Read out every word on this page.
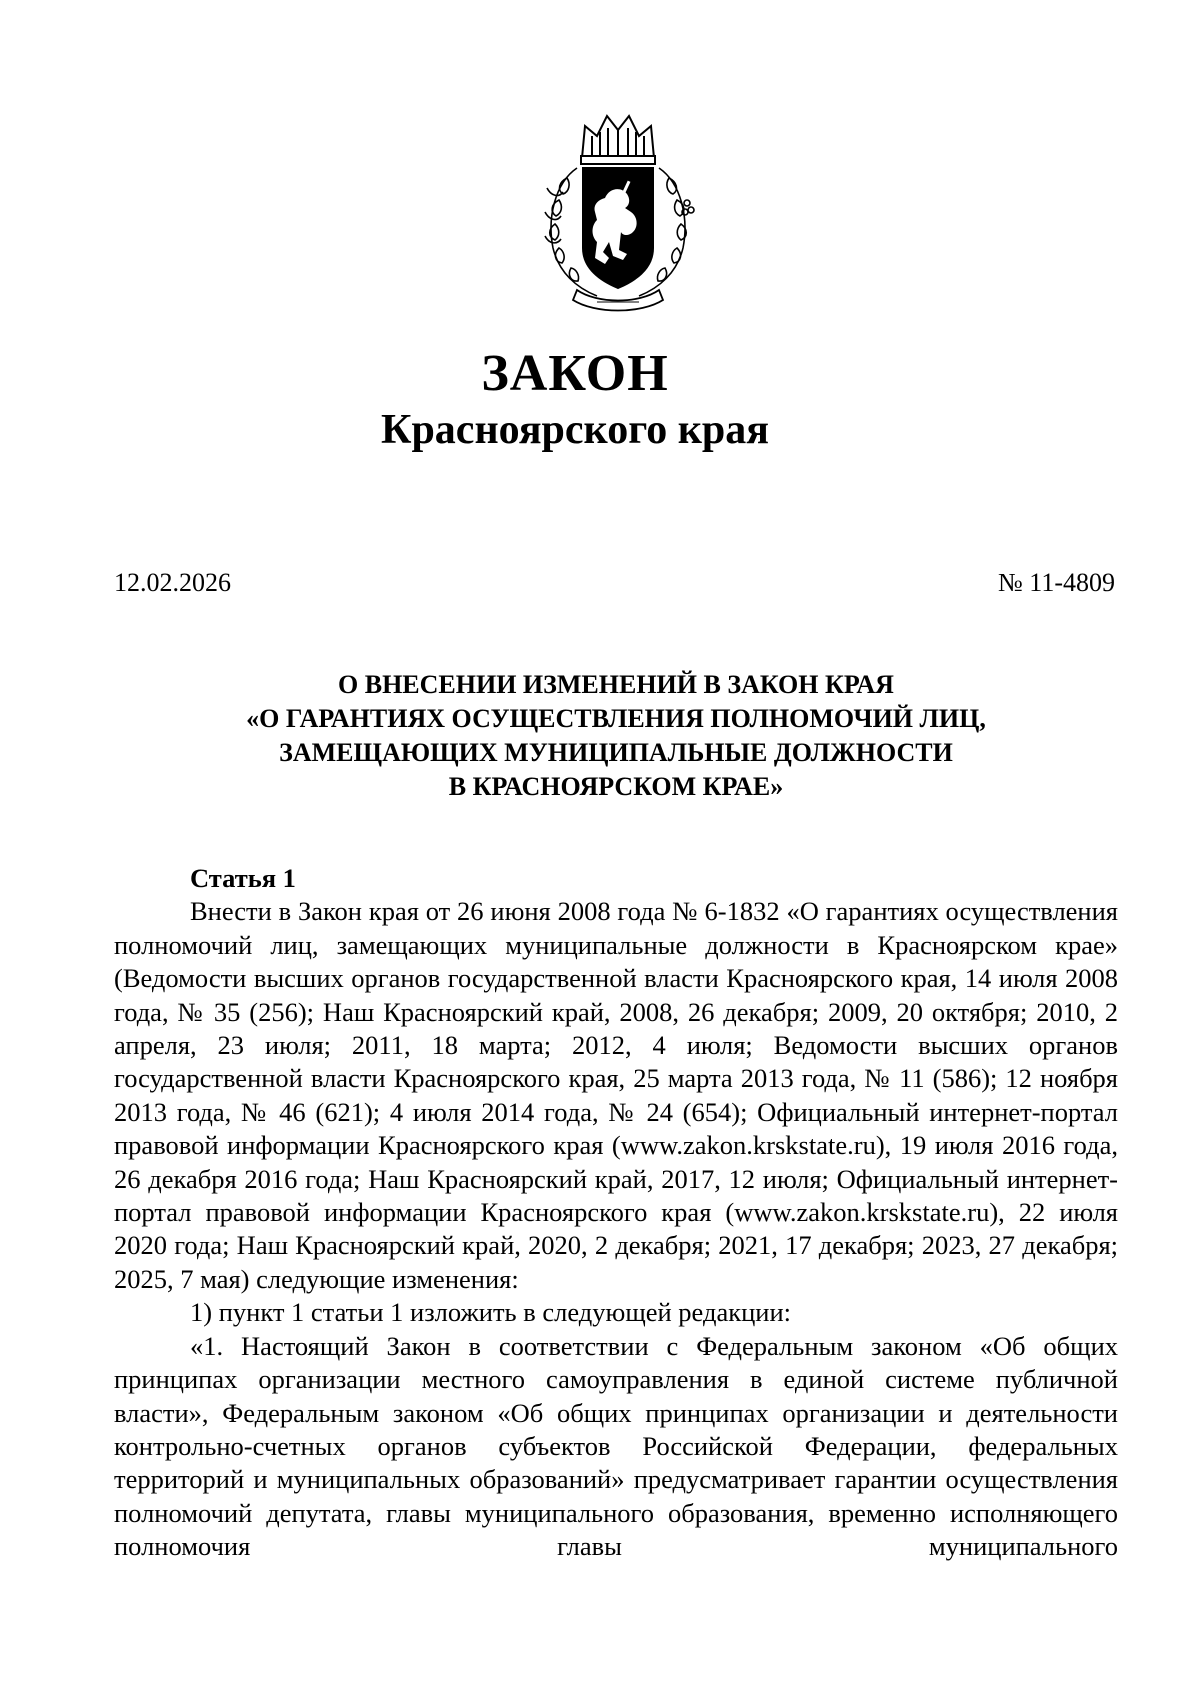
ЗАКОН
Красноярского края
12.02.2026	№ 11-4809
О ВНЕСЕНИИ ИЗМЕНЕНИЙ В ЗАКОН КРАЯ
«О ГАРАНТИЯХ ОСУЩЕСТВЛЕНИЯ ПОЛНОМОЧИЙ ЛИЦ,
ЗАМЕЩАЮЩИХ МУНИЦИПАЛЬНЫЕ ДОЛЖНОСТИ
В КРАСНОЯРСКОМ КРАЕ»
Статья 1

Внести в Закон края от 26 июня 2008 года № 6-1832 «О гарантиях осуществления полномочий лиц, замещающих муниципальные должности в Красноярском крае» (Ведомости высших органов государственной власти Красноярского края, 14 июля 2008 года, № 35 (256); Наш Красноярский край, 2008, 26 декабря; 2009, 20 октября; 2010, 2 апреля, 23 июля; 2011, 18 марта; 2012, 4 июля; Ведомости высших органов государственной власти Красноярского края, 25 марта 2013 года, № 11 (586); 12 ноября 2013 года, № 46 (621); 4 июля 2014 года, № 24 (654); Официальный интернет-портал правовой информации Красноярского края (www.zakon.krskstate.ru), 19 июля 2016 года, 26 декабря 2016 года; Наш Красноярский край, 2017, 12 июля; Официальный интернет-портал правовой информации Красноярского края (www.zakon.krskstate.ru), 22 июля 2020 года; Наш Красноярский край, 2020, 2 декабря; 2021, 17 декабря; 2023, 27 декабря; 2025, 7 мая) следующие изменения:

1) пункт 1 статьи 1 изложить в следующей редакции:

«1. Настоящий Закон в соответствии с Федеральным законом «Об общих принципах организации местного самоуправления в единой системе публичной власти», Федеральным законом «Об общих принципах организации и деятельности контрольно-счетных органов субъектов Российской Федерации, федеральных территорий и муниципальных образований» предусматривает гарантии осуществления полномочий депутата, главы муниципального образования, временно исполняющего полномочия главы муниципального
